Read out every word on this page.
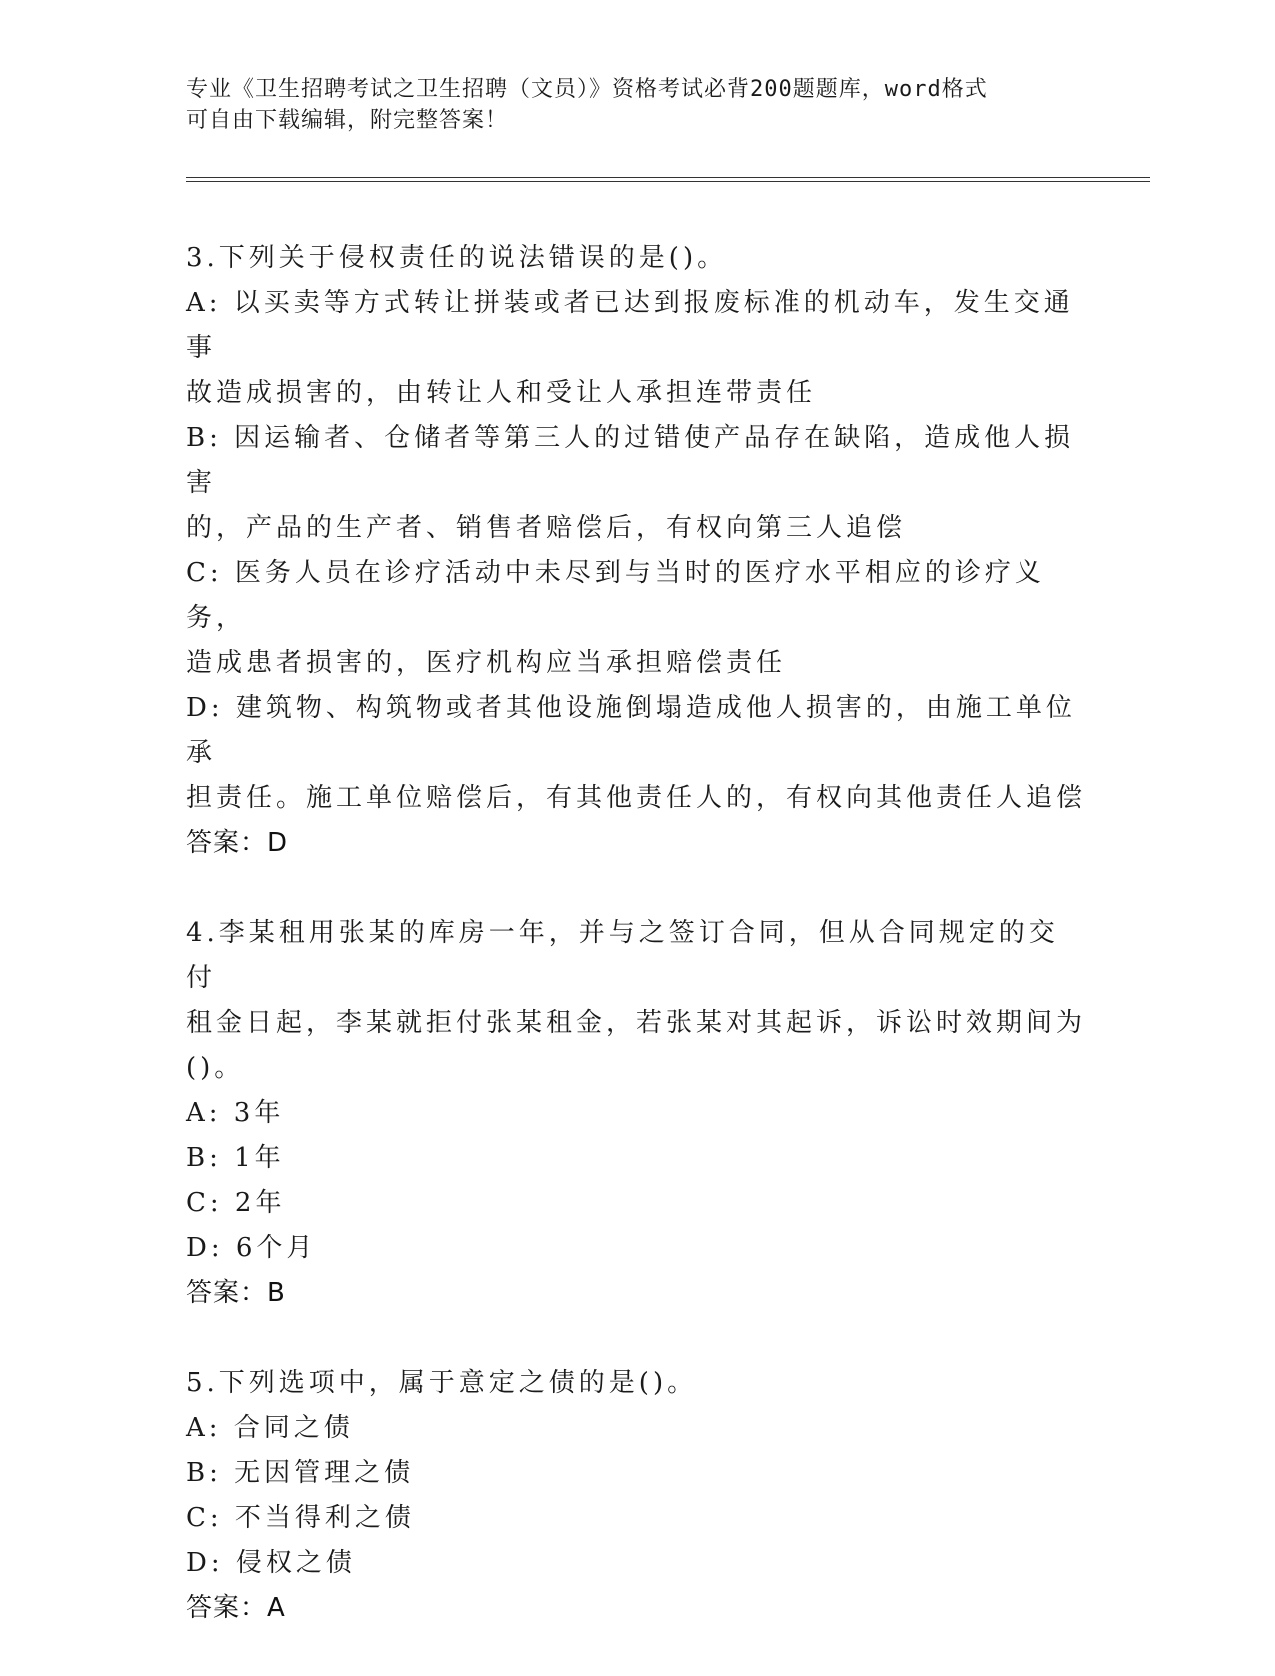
专业《卫生招聘考试之卫生招聘（文员）》资格考试必背200题题库，word格式
可自由下载编辑，附完整答案！
3.下列关于侵权责任的说法错误的是()。
A: 以买卖等方式转让拼装或者已达到报废标准的机动车，发生交通事
故造成损害的，由转让人和受让人承担连带责任
B: 因运输者、仓储者等第三人的过错使产品存在缺陷，造成他人损害
的，产品的生产者、销售者赔偿后，有权向第三人追偿
C: 医务人员在诊疗活动中未尽到与当时的医疗水平相应的诊疗义务，
造成患者损害的，医疗机构应当承担赔偿责任
D: 建筑物、构筑物或者其他设施倒塌造成他人损害的，由施工单位承
担责任。施工单位赔偿后，有其他责任人的，有权向其他责任人追偿
答案：D
4.李某租用张某的库房一年，并与之签订合同，但从合同规定的交付
租金日起，李某就拒付张某租金，若张某对其起诉，诉讼时效期间为
()。
A: 3年
B: 1年
C: 2年
D: 6个月
答案：B
5.下列选项中，属于意定之债的是()。
A: 合同之债
B: 无因管理之债
C: 不当得利之债
D: 侵权之债
答案：A
